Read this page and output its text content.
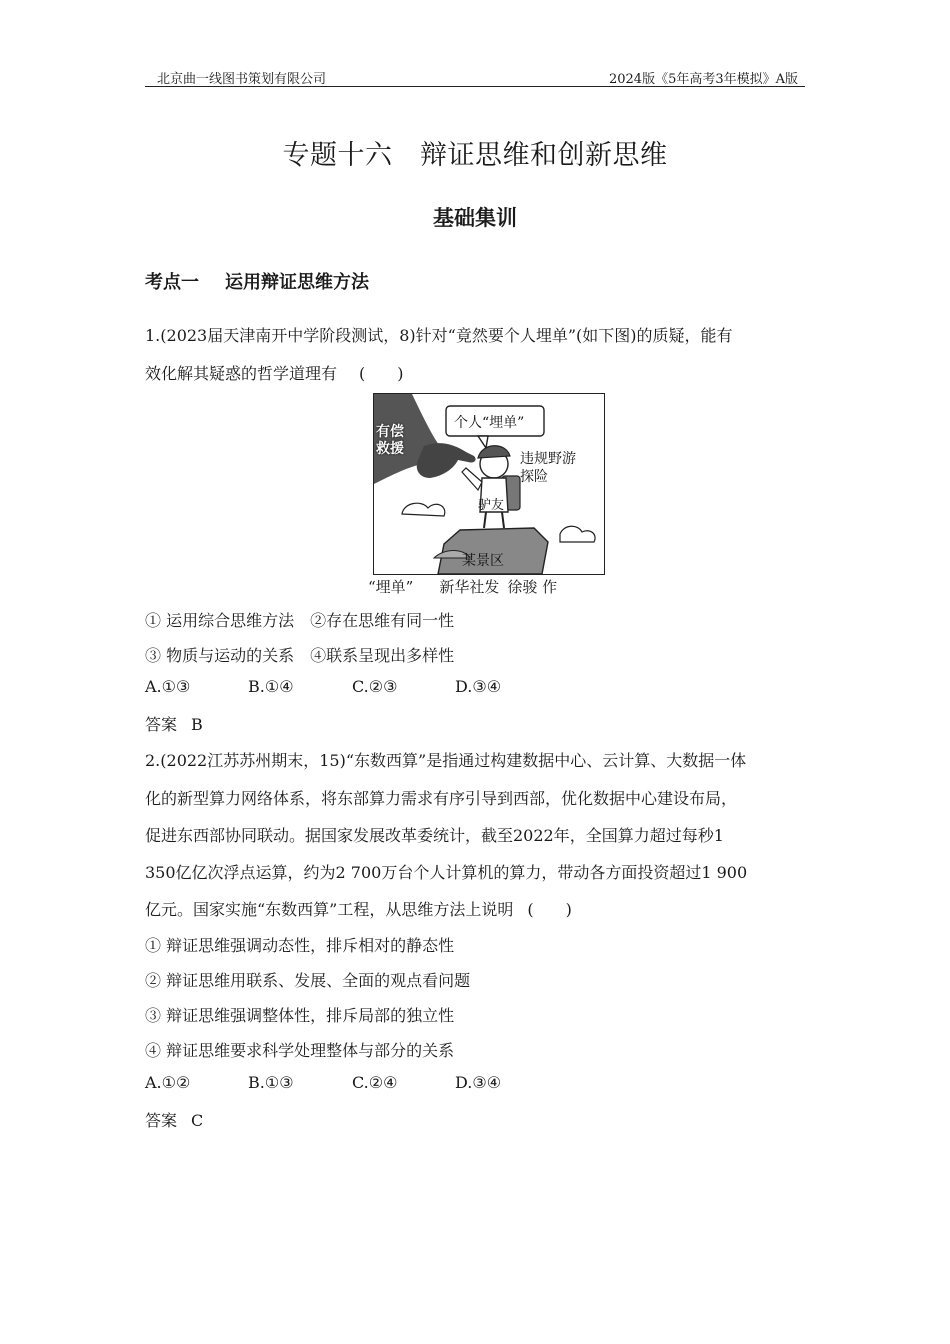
北京曲一线图书策划有限公司	2024版《5年高考3年模拟》A版
专题十六　辩证思维和创新思维
基础集训
考点一 运用辩证思维方法
1.(2023届天津南开中学阶段测试，8)针对“竟然要个人埋单”(如下图)的质疑，能有
效化解其疑惑的哲学道理有 (　　)
个人“埋单”
有偿救援
违规野游探险
驴友
某景区
“埋单” 新华社发 徐骏 作
① 运用综合思维方法　②存在思维有同一性
③ 物质与运动的关系　④联系呈现出多样性
A.①③	B.①④	C.②③	D.③④
答案 B
2.(2022江苏苏州期末，15)“东数西算”是指通过构建数据中心、云计算、大数据一体
化的新型算力网络体系，将东部算力需求有序引导到西部，优化数据中心建设布局，
促进东西部协同联动。据国家发展改革委统计，截至2022年，全国算力超过每秒1
350亿亿次浮点运算，约为2 700万台个人计算机的算力，带动各方面投资超过1 900
亿元。国家实施“东数西算”工程，从思维方法上说明 (　　)
① 辩证思维强调动态性，排斥相对的静态性
② 辩证思维用联系、发展、全面的观点看问题
③ 辩证思维强调整体性，排斥局部的独立性
④ 辩证思维要求科学处理整体与部分的关系
A.①②	B.①③	C.②④	D.③④
答案 C
